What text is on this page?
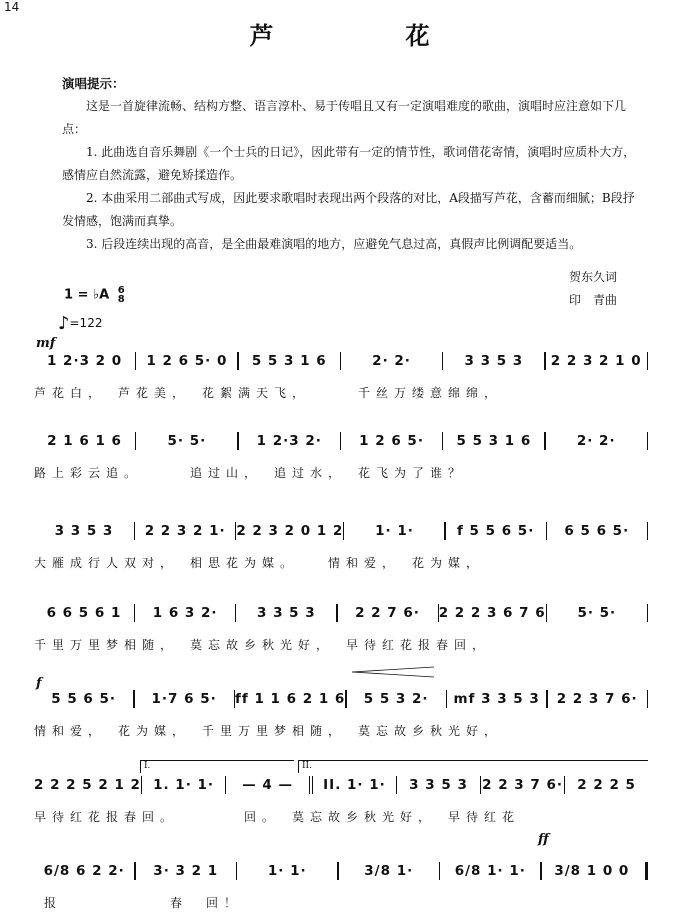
14
芦　花
演唱提示：

这是一首旋律流畅、结构方整、语言淳朴、易于传唱且又有一定演唱难度的歌曲，演唱时应注意如下几点：

1. 此曲选自音乐舞剧《一个士兵的日记》，因此带有一定的情节性，歌词借花寄情，演唱时应质朴大方，感情应自然流露，避免矫揉造作。

2. 本曲采用二部曲式写成，因此要求歌唱时表现出两个段落的对比，A段描写芦花，含蓄而细腻；B段抒发情感，饱满而真挚。

3. 后段连续出现的高音，是全曲最难演唱的地方，应避免气息过高，真假声比例调配要适当。

1 = ♭A 6
8
♪=122
贺东久词
印　青曲
mf
1 2·3 2 0	1 2 6 5· 0	5 5 3 1 6	2· 2·	3 3 5 3	2 2 3 2 1 0
芦花白，　芦花美，　花絮满天飞，　　　千丝万缕意绵绵，
2 1 6 1 6	5· 5·	1 2·3 2·	1 2 6 5·	5 5 3 1 6	2· 2·
路上彩云追。　　　追过山，　追过水，　花飞为了谁？
3 3 5 3	2 2 3 2 1· 2 2 3 2 0 1 2	1· 1·	f 5 5 6 5·	6 5 6 5·
大雁成行人双对，　相思花为媒。　　情和爱，　花为媒，
6 6 5 6 1	1 6 3 2·	3 3 5 3	2 2 7 6·	2 2 2 3 6 7 6	5· 5·
千里万里梦相随，　莫忘故乡秋光好，　早待红花报春回，
f
5 5 6 5·	1·7 6 5·	ff 1 1 6 2 1 6	5 5 3 2·	mf 3 3 5 3	2 2 3 7 6·
情和爱，　花为媒，　千里万里梦相随，　莫忘故乡秋光好，
I.	II.
2 2 2 5 2 1 2 1. 1· 1·	— 4 —	II. 1· 1·	3 3 5 3	2 2 3 7 6·	2 2 2 5
早待红花报春回。　　　　回。　莫忘故乡秋光好，　早待红花
ff
6/8 6 2 2·	3· 3 2 1	1· 1·	3/8 1·	6/8 1· 1·	3/8 1 0 0
报　　　　　　春　回！
